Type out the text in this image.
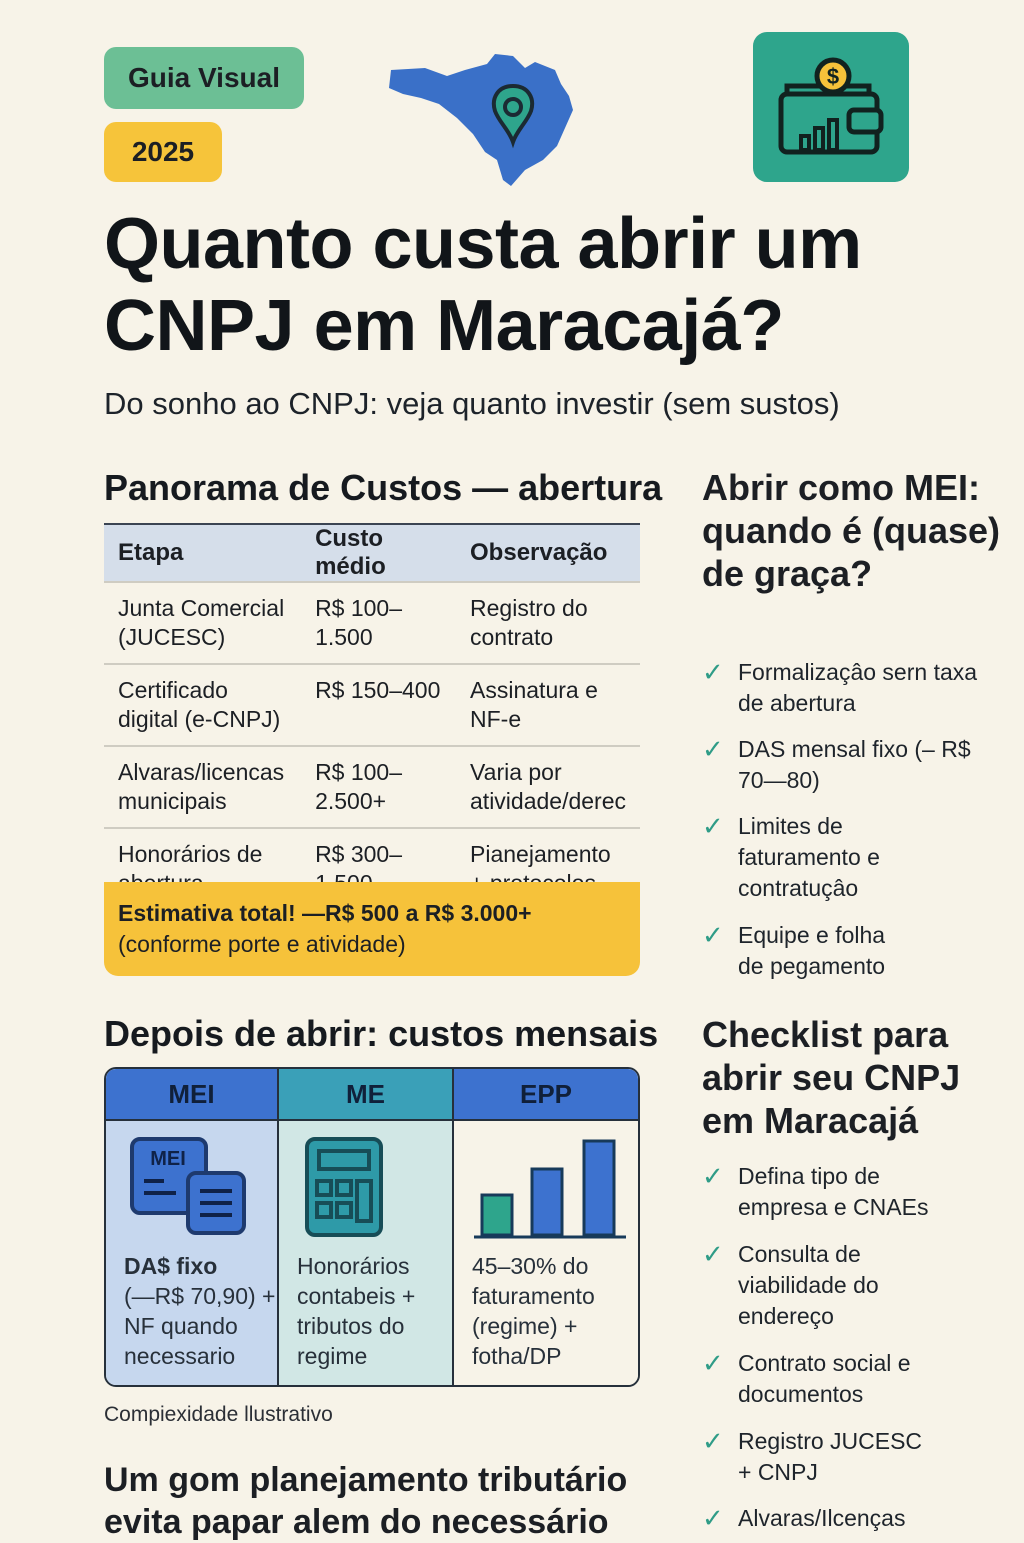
Guia Visual
2025
$
Quanto custa abrir um CNPJ em Maracajá?
Do sonho ao CNPJ: veja quanto investir (sem sustos)
Panorama de Custos — abertura
Etapa	Custo médio	Observação
Junta Comercial (JUCESC)	R$ 100–1.500	Registro do contrato
Certificado digital (e-CNPJ)	R$ 150–400	Assinatura e NF-e
Alvaras/licencas municipais	R$ 100–2.500+	Varia por atividade/derec
Honorários de	R$ 300–	Pianejamento
Estimativa total! —R$ 500 a R$ 3.000+
(conforme porte e atividade)
Depois de abrir: custos mensais
MEI
MEI
DA$ fixo
(—R$ 70,90) + NF quando necessario
ME
Honorários contabeis + tributos do regime
EPP
45–30% do faturamento (regime) + fotha/DP
Compiexidade llustrativo
Um gom planejamento tributário evita papar alem do necessário
Abrir como MEI: quando é (quase) de graça?
✓ Formalizaçâo sern taxa de abertura
✓ DAS mensal fixo (– R$ 70—80)
✓ Limites de faturamento e contratuçâo
✓ Equipe e folha de pegamento
Checklist para abrir seu CNPJ em Maracajá
✓ Defina tipo de empresa e CNAEs
✓ Consulta de viabilidade do endereço
✓ Contrato social e documentos
✓ Registro JUCESC + CNPJ
✓ Alvaras/Ilcenças
